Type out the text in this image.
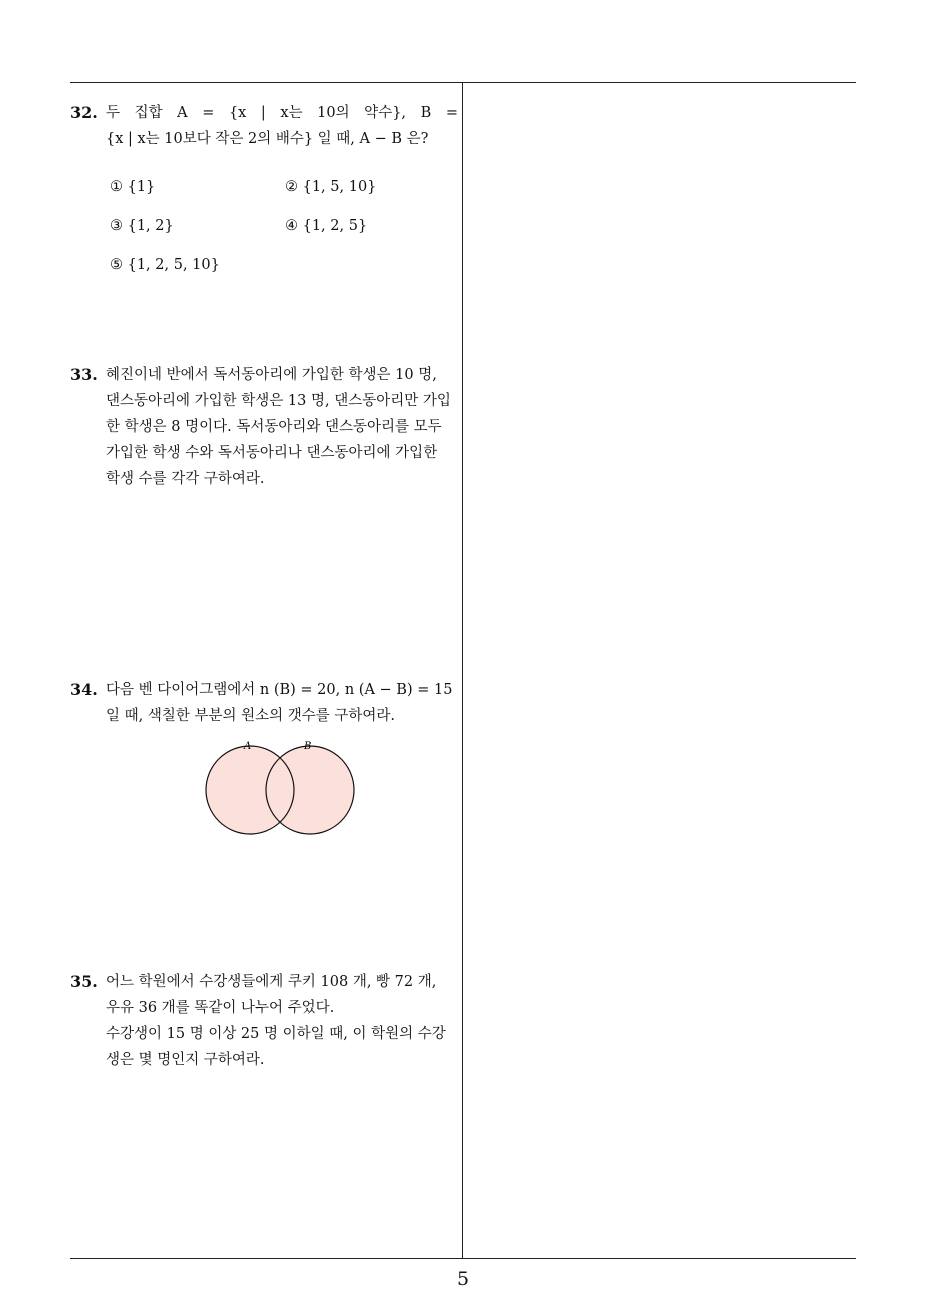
32. 두 집합 A = {x | x는 10의 약수}, B =
{x | x는 10보다 작은 2의 배수} 일 때, A − B 은?
① {1}	② {1, 5, 10}
③ {1, 2}	④ {1, 2, 5}
⑤ {1, 2, 5, 10}
33. 혜진이네 반에서 독서동아리에 가입한 학생은 10 명,
댄스동아리에 가입한 학생은 13 명, 댄스동아리만 가입
한 학생은 8 명이다. 독서동아리와 댄스동아리를 모두
가입한 학생 수와 독서동아리나 댄스동아리에 가입한
학생 수를 각각 구하여라.
34. 다음 벤 다이어그램에서 n (B) = 20, n (A − B) = 15
일 때, 색칠한 부분의 원소의 갯수를 구하여라.
A	B
35. 어느 학원에서 수강생들에게 쿠키 108 개, 빵 72 개,
우유 36 개를 똑같이 나누어 주었다.
수강생이 15 명 이상 25 명 이하일 때, 이 학원의 수강
생은 몇 명인지 구하여라.
5
